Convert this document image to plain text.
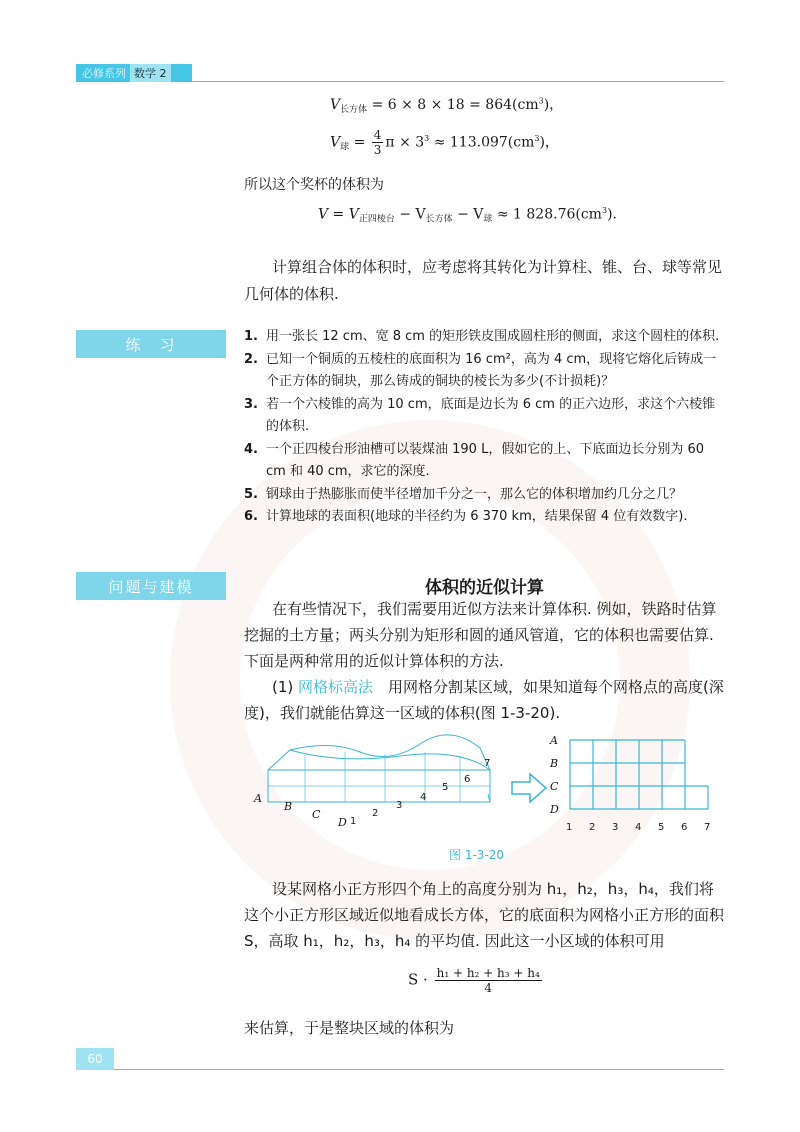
必修系列 数学 2
$V_{长方体} = 6 \times 8 \times 18 = 864(cm^3)$，
$V_球 = \frac{4}{3}$ $\pi \times 3^3 \approx 113.097(cm^3)$，
所以这个奖杯的体积为
$V = V_{正四棱台} - V_{长方体} - V_球 \approx 1$ $828.76(cm^3)$.
计算组合体的体积时，应考虑将其转化为计算柱、锥、台、球等常见几何体的体积.
练　习	1. 用一张长 12 cm、宽 8 cm 的矩形铁皮围成圆柱形的侧面，求这个圆柱的体积.
2. 已知一个铜质的五棱柱的底面积为 16 cm²，高为 4 cm，现将它熔化后铸成一个正方体的铜块，那么铸成的铜块的棱长为多少(不计损耗)？
3. 若一个六棱锥的高为 10 cm，底面是边长为 6 cm 的正六边形，求这个六棱锥的体积.
4. 一个正四棱台形油槽可以装煤油 190 L，假如它的上、下底面边长分别为 60 cm 和 40 cm，求它的深度.
5. 钢球由于热膨胀而使半径增加千分之一，那么它的体积增加约几分之几？
6. 计算地球的表面积(地球的半径约为 6 370 km，结果保留 4 位有效数字).
问题与建模	体积的近似计算
在有些情况下，我们需要用近似方法来计算体积. 例如，铁路时估算挖掘的土方量；两头分别为矩形和圆的通风管道，它的体积也需要估算. 下面是两种常用的近似计算体积的方法.
(1) 网格标高法　用网格分割某区域，如果知道每个网格点的高度(深度)，我们就能估算这一区域的体积(图 1-3-20).
A
B
C
D
A
B
C
D	1 2 3 4 5 6 7
1
2
3
4
5
6
7
图 1-3-20
设某网格小正方形四个角上的高度分别为 h₁，h₂，h₃，h₄，我们将这个小正方形区域近似地看成长方体，它的底面积为网格小正方形的面积 S，高取 h₁，h₂，h₃，h₄ 的平均值. 因此这一小区域的体积可用
$S \cdot \frac{\text{h₁ + h₂ + h₃ + h₄}}{4}$
来估算，于是整块区域的体积为
60
